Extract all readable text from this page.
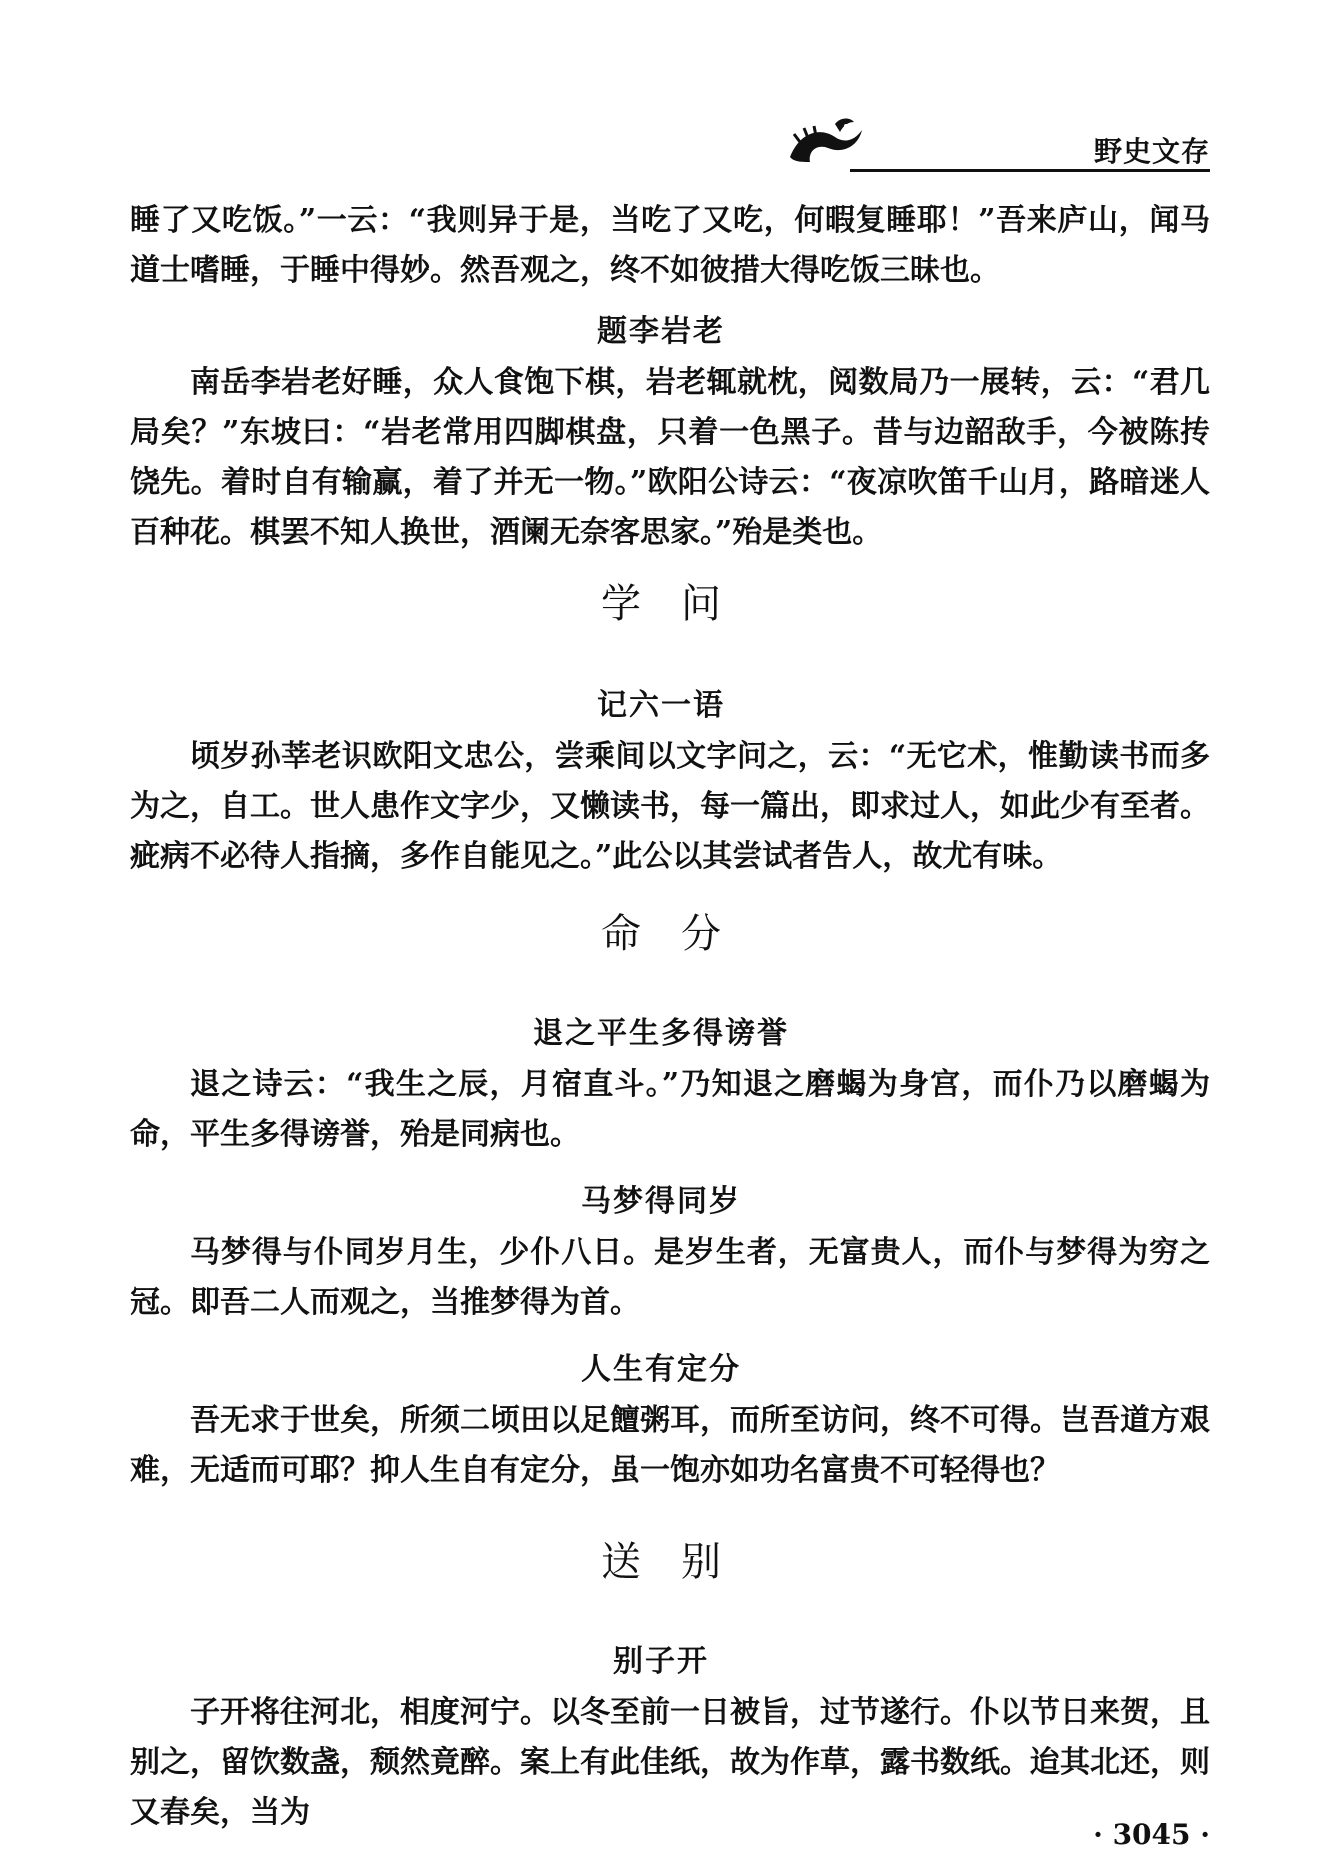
野史文存

睡了又吃饭。”一云：“我则异于是，当吃了又吃，何暇复睡耶！”吾来庐山，闻马道士嗜睡，于睡中得妙。然吾观之，终不如彼措大得吃饭三昧也。

题李岩老

南岳李岩老好睡，众人食饱下棋，岩老辄就枕，阅数局乃一展转，云：“君几局矣？”东坡曰：“岩老常用四脚棋盘，只着一色黑子。昔与边韶敌手，今被陈抟饶先。着时自有输赢，着了并无一物。”欧阳公诗云：“夜凉吹笛千山月，路暗迷人百种花。棋罢不知人换世，酒阑无奈客思家。”殆是类也。

学问
记六一语

顷岁孙莘老识欧阳文忠公，尝乘间以文字问之，云：“无它术，惟勤读书而多为之，自工。世人患作文字少，又懒读书，每一篇出，即求过人，如此少有至者。疵病不必待人指摘，多作自能见之。”此公以其尝试者告人，故尤有味。

命分
退之平生多得谤誉

退之诗云：“我生之辰，月宿直斗。”乃知退之磨蝎为身宫，而仆乃以磨蝎为命，平生多得谤誉，殆是同病也。

马梦得同岁

马梦得与仆同岁月生，少仆八日。是岁生者，无富贵人，而仆与梦得为穷之冠。即吾二人而观之，当推梦得为首。

人生有定分

吾无求于世矣，所须二顷田以足饘粥耳，而所至访问，终不可得。岂吾道方艰难，无适而可耶？抑人生自有定分，虽一饱亦如功名富贵不可轻得也？

送别
别子开

子开将往河北，相度河宁。以冬至前一日被旨，过节遂行。仆以节日来贺，且别之，留饮数盏，颓然竟醉。案上有此佳纸，故为作草，露书数纸。迨其北还，则又春矣，当为

· 3045 ·
